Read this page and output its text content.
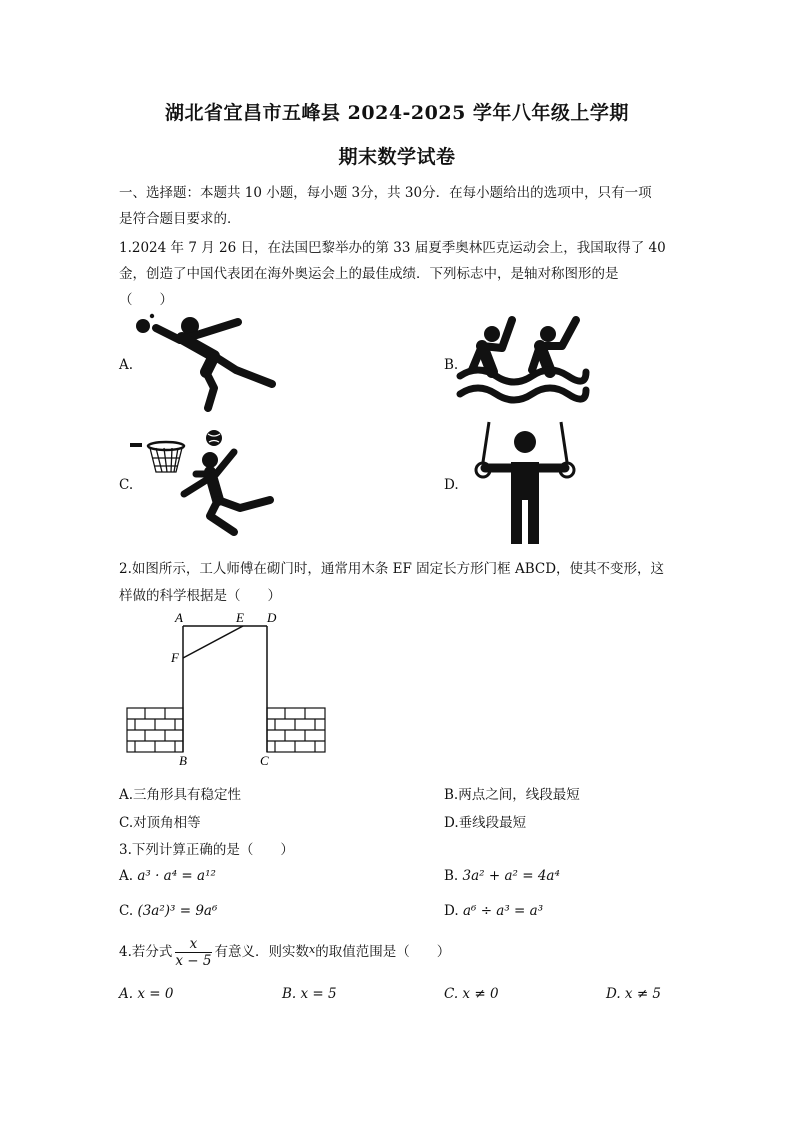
湖北省宜昌市五峰县 2024-2025 学年八年级上学期
期末数学试卷
一、选择题：本题共 10 小题，每小题 3分，共 30分．在每小题给出的选项中，只有一项
是符合题目要求的．
1.2024 年 7 月 26 日，在法国巴黎举办的第 33 届夏季奥林匹克运动会上，我国取得了 40
金，创造了中国代表团在海外奥运会上的最佳成绩．下列标志中，是轴对称图形的是
（　　）
A.	B.
C.	D.
2.如图所示，工人师傅在砌门时，通常用木条 EF 固定长方形门框 ABCD，使其不变形，这
样做的科学根据是（　　）
A	E D
F
B	C
A.三角形具有稳定性	B.两点之间，线段最短
C.对顶角相等	D.垂线段最短
3.下列计算正确的是（　　）
A. a³ · a⁴ = a¹²	B. 3a² + a² = 4a⁴
C. (3a²)³ = 9a⁶	D. a⁶ ÷ a³ = a³
4.若分式 $\frac{x}{x - 5}$ 有意义．则实数$^x$的取值范围是（　　）
A. x = 0	B. x = 5	C. x ≠ 0	D. x ≠ 5
